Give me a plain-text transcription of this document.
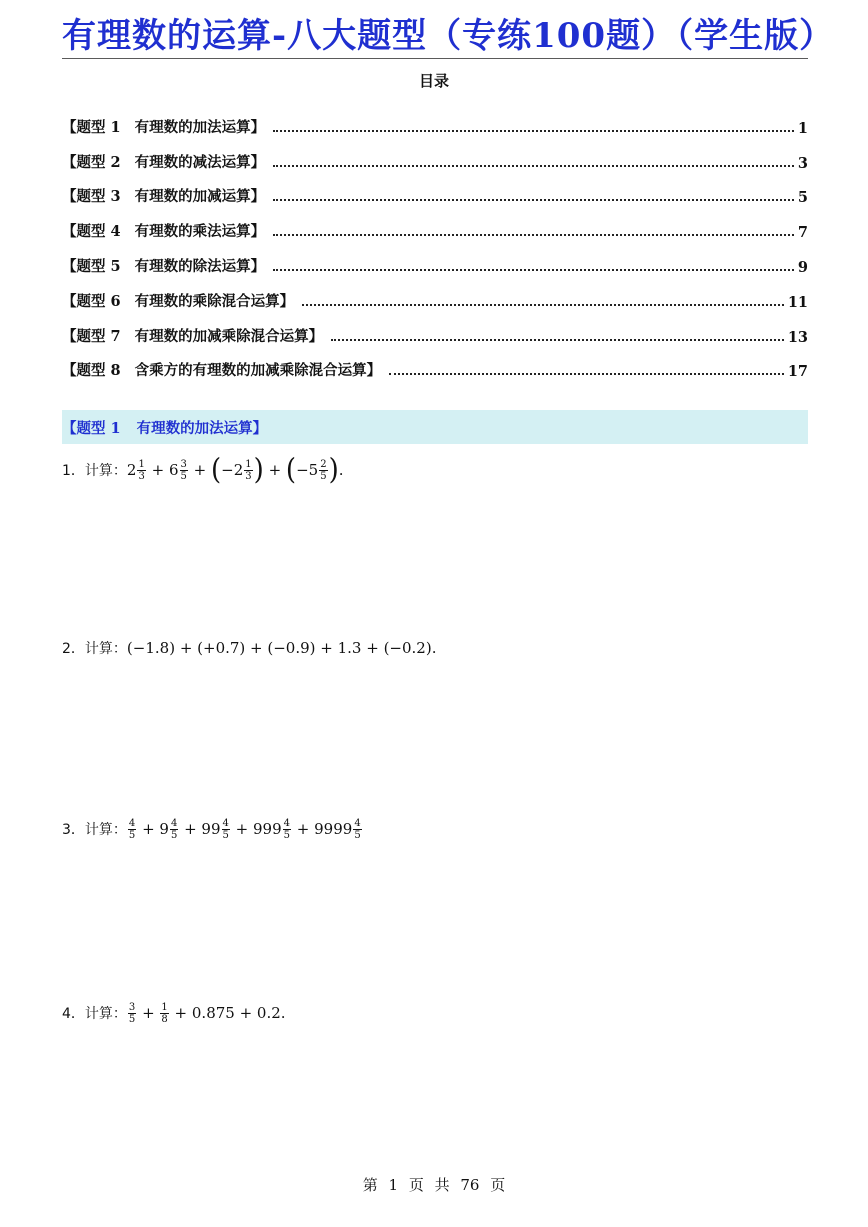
有理数的运算-八大题型（专练100题）（学生版）
目录
【题型 1 有理数的加法运算】	1
【题型 2 有理数的减法运算】	3
【题型 3 有理数的加减运算】	5
【题型 4 有理数的乘法运算】	7
【题型 5 有理数的除法运算】	9
【题型 6 有理数的乘除混合运算】	11
【题型 7 有理数的加减乘除混合运算】	13
【题型 8 含乘方的有理数的加减乘除混合运算】	17
【题型 1 有理数的加法运算】
1．计算： $2 \frac{1}{3} + 6 \frac{3}{5}$ + ( $-2 \frac{1}{3}$ ) + ( $-5 \frac{2}{5}$ ) .
2．计算： (−1.8) + (+0.7) + (−0.9) + 1.3 + (−0.2).
3．计算： $\frac{4}{5} + 9 \frac{4}{5} + 99 \frac{4}{5} + 999 \frac{4}{5} + 9999 \frac{4}{5}$
4．计算： $\frac{3}{5} + \frac{1}{8} + 0.875 + 0.2$.
第 1 页 共 76 页
